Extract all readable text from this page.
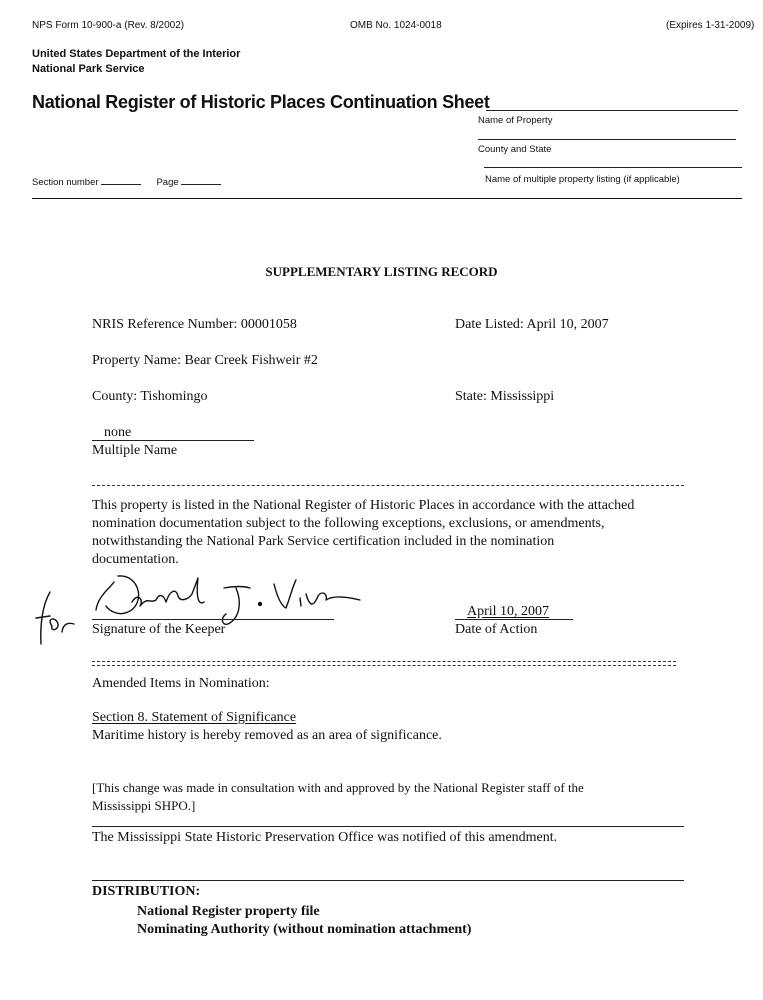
NPS Form 10-900-a (Rev. 8/2002)	OMB No. 1024-0018	(Expires 1-31-2009)
United States Department of the Interior
National Park Service
National Register of Historic Places Continuation Sheet
Name of Property
County and State
Name of multiple property listing (if applicable)
Section number	Page
SUPPLEMENTARY LISTING RECORD
NRIS Reference Number: 00001058	Date Listed: April 10, 2007
Property Name: Bear Creek Fishweir #2
County: Tishomingo	State: Mississippi
none
Multiple Name
This property is listed in the National Register of Historic Places in accordance with the attached
nomination documentation subject to the following exceptions, exclusions, or amendments,
notwithstanding the National Park Service certification included in the nomination
documentation.
Signature of the Keeper
April 10, 2007
Date of Action
Amended Items in Nomination:
Section 8. Statement of Significance
Maritime history is hereby removed as an area of significance.
[This change was made in consultation with and approved by the National Register staff of the
Mississippi SHPO.]
The Mississippi State Historic Preservation Office was notified of this amendment.
DISTRIBUTION:
National Register property file
Nominating Authority (without nomination attachment)
